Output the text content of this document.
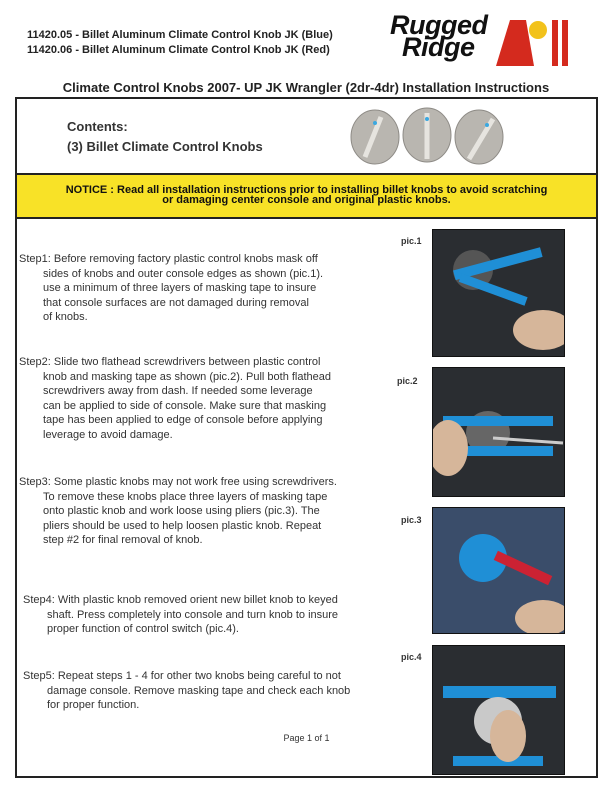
11420.05 - Billet Aluminum Climate Control Knob JK (Blue)
11420.06 - Billet Aluminum Climate Control Knob JK (Red)
Rugged
Ridge
Climate Control Knobs 2007- UP JK Wrangler (2dr-4dr) Installation Instructions
Contents:
(3) Billet Climate Control Knobs
NOTICE : Read all installation instructions prior to installing billet knobs to avoid scratching
or damaging center console and original plastic knobs.
Step1: Before removing factory plastic control knobs mask off
sides of knobs and outer console edges as shown (pic.1).
use a minimum of three layers of masking tape to insure
that console surfaces are not damaged during removal
of knobs.
Step2: Slide two flathead screwdrivers between plastic control
knob and masking tape as shown (pic.2). Pull both flathead
screwdrivers away from dash. If needed some leverage
can be applied to side of console. Make sure that masking
tape has been applied to edge of console before applying
leverage to avoid damage.
Step3: Some plastic knobs may not work free using screwdrivers.
To remove these knobs place three layers of masking tape
onto plastic knob and work loose using pliers (pic.3). The
pliers should be used to help loosen plastic knob. Repeat
step #2 for final removal of knob.
Step4: With plastic knob removed orient new billet knob to keyed
shaft. Press completely into console and turn knob to insure
proper function of control switch (pic.4).
Step5: Repeat steps 1 - 4 for other two knobs being careful to not
damage console. Remove masking tape and check each knob
for proper function.
pic.1
pic.2
pic.3
pic.4
Page 1 of 1
